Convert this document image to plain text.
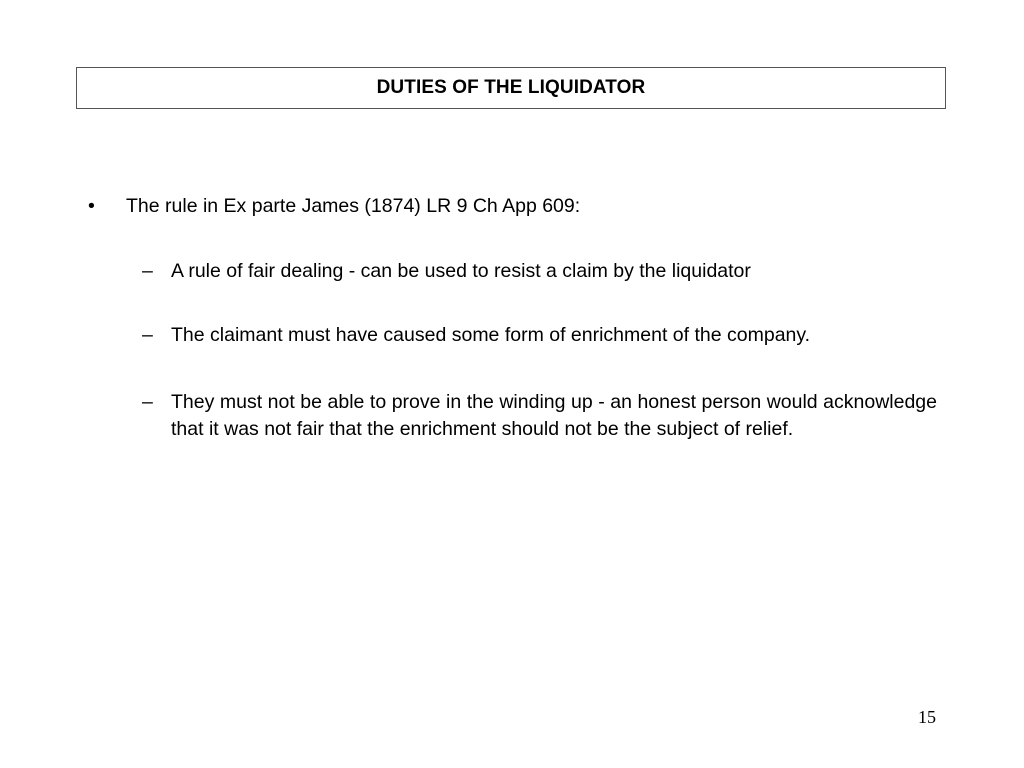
DUTIES OF THE LIQUIDATOR
• The rule in Ex parte James (1874) LR 9 Ch App 609:
– A rule of fair dealing - can be used to resist a claim by the liquidator
– The claimant must have caused some form of enrichment of the company.
– They must not be able to prove in the winding up - an honest person would acknowledge that it was not fair that the enrichment should not be the subject of relief.
15
